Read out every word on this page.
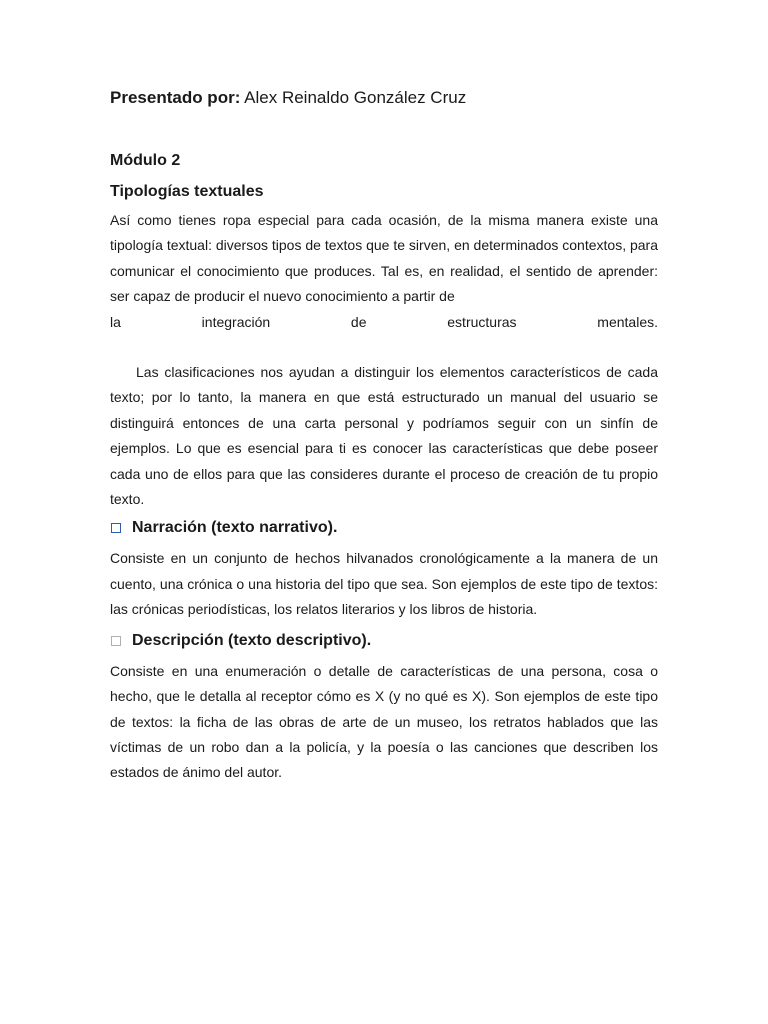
Presentado por: Alex Reinaldo González Cruz

Módulo 2

Tipologías textuales

Así como tienes ropa especial para cada ocasión, de la misma manera existe una tipología textual: diversos tipos de textos que te sirven, en determinados contextos, para comunicar el conocimiento que produces. Tal es, en realidad, el sentido de aprender: ser capaz de producir el nuevo conocimiento a partir de

la integración de estructuras mentales.

Las clasificaciones nos ayudan a distinguir los elementos característicos de cada texto; por lo tanto, la manera en que está estructurado un manual del usuario se distinguirá entonces de una carta personal y podríamos seguir con un sinfín de ejemplos. Lo que es esencial para ti es conocer las características que debe poseer cada uno de ellos para que las consideres durante el proceso de creación de tu propio texto.

Narración (texto narrativo).

Consiste en un conjunto de hechos hilvanados cronológicamente a la manera de un cuento, una crónica o una historia del tipo que sea. Son ejemplos de este tipo de textos: las crónicas periodísticas, los relatos literarios y los libros de historia.

Descripción (texto descriptivo).

Consiste en una enumeración o detalle de características de una persona, cosa o hecho, que le detalla al receptor cómo es X (y no qué es X). Son ejemplos de este tipo de textos: la ficha de las obras de arte de un museo, los retratos hablados que las víctimas de un robo dan a la policía, y la poesía o las canciones que describen los estados de ánimo del autor.
